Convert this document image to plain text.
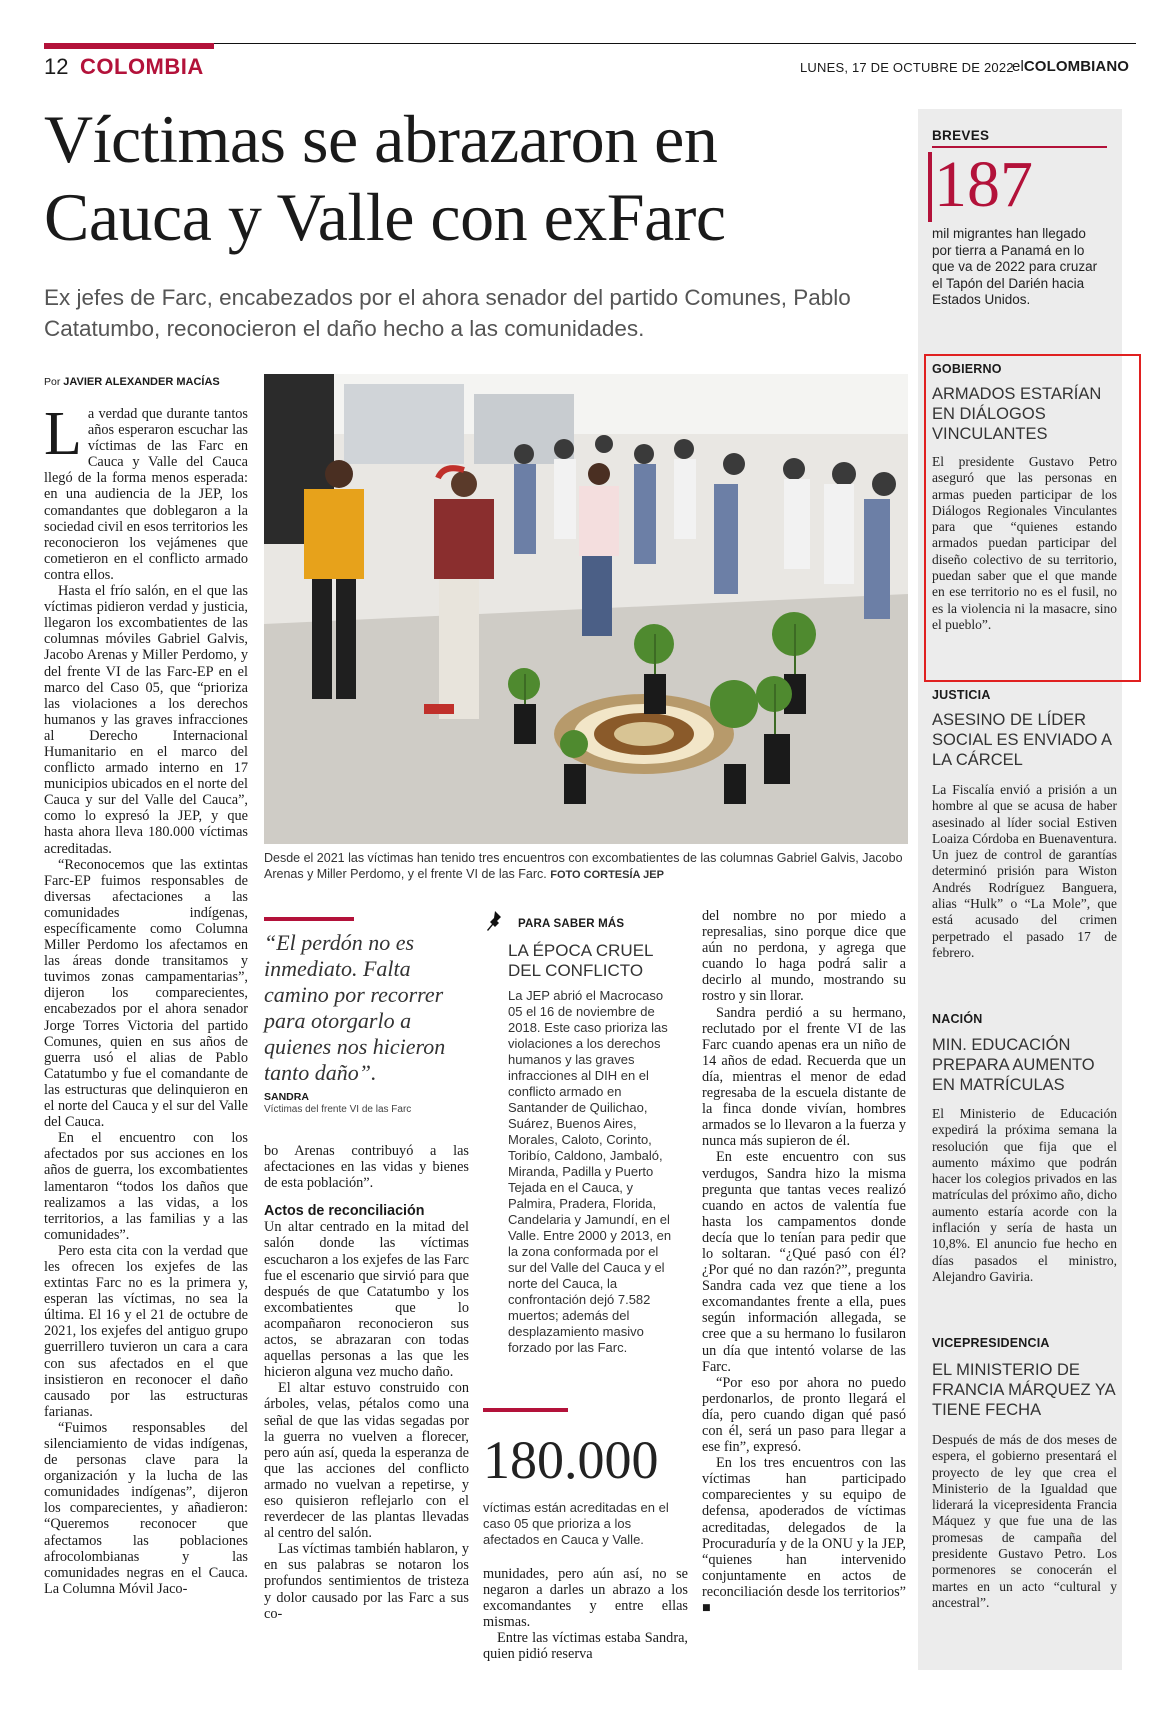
12 COLOMBIA	LUNES, 17 DE OCTUBRE DE 2022
elCOLOMBIANO
Víctimas se abrazaron en Cauca y Valle con exFarc
Ex jefes de Farc, encabezados por el ahora senador del partido Comunes, Pablo Catatumbo, reconocieron el daño hecho a las comunidades.
Por JAVIER ALEXANDER MACÍAS
La verdad que durante tantos años esperaron escuchar las víctimas de las Farc en Cauca y Valle del Cauca llegó de la forma menos esperada: en una audiencia de la JEP, los comandantes que doblegaron a la sociedad civil en esos territorios les reconocieron los vejámenes que cometieron en el conflicto armado contra ellos.

Hasta el frío salón, en el que las víctimas pidieron verdad y justicia, llegaron los excombatientes de las columnas móviles Gabriel Galvis, Jacobo Arenas y Miller Perdomo, y del frente VI de las Farc-EP en el marco del Caso 05, que “prioriza las violaciones a los derechos humanos y las graves infracciones al Derecho Internacional Humanitario en el marco del conflicto armado interno en 17 municipios ubicados en el norte del Cauca y sur del Valle del Cauca”, como lo expresó la JEP, y que hasta ahora lleva 180.000 víctimas acreditadas.

“Reconocemos que las extintas Farc-EP fuimos responsables de diversas afectaciones a las comunidades indígenas, específicamente como Columna Miller Perdomo los afectamos en las áreas donde transitamos y tuvimos zonas campamentarias”, dijeron los comparecientes, encabezados por el ahora senador Jorge Torres Victoria del partido Comunes, quien en sus años de guerra usó el alias de Pablo Catatumbo y fue el comandante de las estructuras que delinquieron en el norte del Cauca y el sur del Valle del Cauca.

En el encuentro con los afectados por sus acciones en los años de guerra, los excombatientes lamentaron “todos los daños que realizamos a las vidas, a los territorios, a las familias y a las comunidades”.

Pero esta cita con la verdad que les ofrecen los exjefes de las extintas Farc no es la primera y, esperan las víctimas, no sea la última. El 16 y el 21 de octubre de 2021, los exjefes del antiguo grupo guerrillero tuvieron un cara a cara con sus afectados en el que insistieron en reconocer el daño causado por las estructuras farianas.

“Fuimos responsables del silenciamiento de vidas indígenas, de personas clave para la organización y la lucha de las comunidades indígenas”, dijeron los comparecientes, y añadieron: “Queremos reconocer que afectamos las poblaciones afrocolombianas y las comunidades negras en el Cauca. La Columna Móvil Jaco-

Desde el 2021 las víctimas han tenido tres encuentros con excombatientes de las columnas Gabriel Galvis, Jacobo Arenas y Miller Perdomo, y el frente VI de las Farc. FOTO CORTESÍA JEP
“El perdón no es inmediato. Falta camino por recorrer para otorgarlo a quienes nos hicieron tanto daño”.
SANDRA
Víctimas del frente VI de las Farc
bo Arenas contribuyó a las afectaciones en las vidas y bienes de esta población”.
Actos de reconciliación
Un altar centrado en la mitad del salón donde las víctimas escucharon a los exjefes de las Farc fue el escenario que sirvió para que después de que Catatumbo y los excombatientes que lo acompañaron reconocieron sus actos, se abrazaran con todas aquellas personas a las que les hicieron alguna vez mucho daño.

El altar estuvo construido con árboles, velas, pétalos como una señal de que las vidas segadas por la guerra no vuelven a florecer, pero aún así, queda la esperanza de que las acciones del conflicto armado no vuelvan a repetirse, y eso quisieron reflejarlo con el reverdecer de las plantas llevadas al centro del salón.

Las víctimas también hablaron, y en sus palabras se notaron los profundos sentimientos de tristeza y dolor causado por las Farc a sus co-

PARA SABER MÁS
LA ÉPOCA CRUEL DEL CONFLICTO
La JEP abrió el Macrocaso 05 el 16 de noviembre de 2018. Este caso prioriza las violaciones a los derechos humanos y las graves infracciones al DIH en el conflicto armado en Santander de Quilichao, Suárez, Buenos Aires, Morales, Caloto, Corinto, Toribío, Caldono, Jambaló, Miranda, Padilla y Puerto Tejada en el Cauca, y Palmira, Pradera, Florida, Candelaria y Jamundí, en el Valle. Entre 2000 y 2013, en la zona conformada por el sur del Valle del Cauca y el norte del Cauca, la confrontación dejó 7.582 muertos; además del desplazamiento masivo forzado por las Farc.
180.000
víctimas están acreditadas en el caso 05 que prioriza a los afectados en Cauca y Valle.
munidades, pero aún así, no se negaron a darles un abrazo a los excomandantes y entre ellas mismas.

Entre las víctimas estaba Sandra, quien pidió reserva

del nombre no por miedo a represalias, sino porque dice que aún no perdona, y agrega que cuando lo haga podrá salir a decirlo al mundo, mostrando su rostro y sin llorar.

Sandra perdió a su hermano, reclutado por el frente VI de las Farc cuando apenas era un niño de 14 años de edad. Recuerda que un día, mientras el menor de edad regresaba de la escuela distante de la finca donde vivían, hombres armados se lo llevaron a la fuerza y nunca más supieron de él.

En este encuentro con sus verdugos, Sandra hizo la misma pregunta que tantas veces realizó cuando en actos de valentía fue hasta los campamentos donde decía que lo tenían para pedir que lo soltaran. “¿Qué pasó con él? ¿Por qué no dan razón?”, pregunta Sandra cada vez que tiene a los excomandantes frente a ella, pues según información allegada, se cree que a su hermano lo fusilaron un día que intentó volarse de las Farc.

“Por eso por ahora no puedo perdonarlos, de pronto llegará el día, pero cuando digan qué pasó con él, será un paso para llegar a ese fin”, expresó.

En los tres encuentros con las víctimas han participado comparecientes y su equipo de defensa, apoderados de víctimas acreditadas, delegados de la Procuraduría y de la ONU y la JEP, “quienes han intervenido conjuntamente en actos de reconciliación desde los territorios” ■

BREVES
187
mil migrantes han llegado por tierra a Panamá en lo que va de 2022 para cruzar el Tapón del Darién hacia Estados Unidos.
GOBIERNO
ARMADOS ESTARÍAN EN DIÁLOGOS VINCULANTES
El presidente Gustavo Petro aseguró que las personas en armas pueden participar de los Diálogos Regionales Vinculantes para que “quienes estando armados puedan participar del diseño colectivo de su territorio, puedan saber que el que mande en ese territorio no es el fusil, no es la violencia ni la masacre, sino el pueblo”.
JUSTICIA
ASESINO DE LÍDER SOCIAL ES ENVIADO A LA CÁRCEL
La Fiscalía envió a prisión a un hombre al que se acusa de haber asesinado al líder social Estiven Loaiza Córdoba en Buenaventura. Un juez de control de garantías determinó prisión para Wiston Andrés Rodríguez Banguera, alias “Hulk” o “La Mole”, que está acusado del crimen perpetrado el pasado 17 de febrero.
NACIÓN
MIN. EDUCACIÓN PREPARA AUMENTO EN MATRÍCULAS
El Ministerio de Educación expedirá la próxima semana la resolución que fija que el aumento máximo que podrán hacer los colegios privados en las matrículas del próximo año, dicho aumento estaría acorde con la inflación y sería de hasta un 10,8%. El anuncio fue hecho en días pasados el ministro, Alejandro Gaviria.
VICEPRESIDENCIA
EL MINISTERIO DE FRANCIA MÁRQUEZ YA TIENE FECHA
Después de más de dos meses de espera, el gobierno presentará el proyecto de ley que crea el Ministerio de la Igualdad que liderará la vicepresidenta Francia Máquez y que fue una de las promesas de campaña del presidente Gustavo Petro. Los pormenores se conocerán el martes en un acto “cultural y ancestral”.
